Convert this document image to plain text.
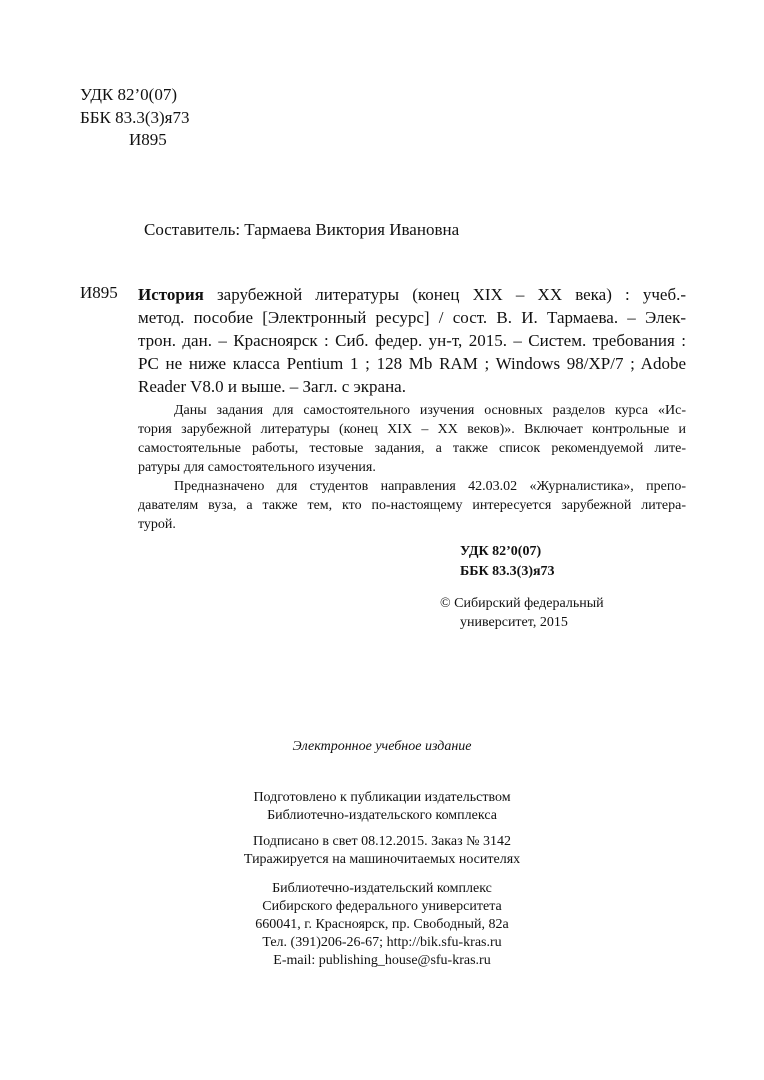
УДК 82’0(07)
ББК 83.3(3)я73
И895
Составитель: Тармаева Виктория Ивановна
И895 История зарубежной литературы (конец XIX – XX века) : учеб.-
метод. пособие [Электронный ресурс] / сост. В. И. Тармаева. – Элек-
трон. дан. – Красноярск : Сиб. федер. ун-т, 2015. – Систем. требования :
PC не ниже класса Pentium 1 ; 128 Mb RAM ; Windows 98/XP/7 ; Adobe
Reader V8.0 и выше. – Загл. с экрана.
Даны задания для самостоятельного изучения основных разделов курса «Ис-
тория зарубежной литературы (конец XIX – XX веков)». Включает контрольные и
самостоятельные работы, тестовые задания, а также список рекомендуемой лите-
ратуры для самостоятельного изучения.
Предназначено для студентов направления 42.03.02 «Журналистика», препо-
давателям вуза, а также тем, кто по-настоящему интересуется зарубежной литера-
турой.
УДК 82’0(07)
ББК 83.3(3)я73
© Сибирский федеральный
университет, 2015
Электронное учебное издание
Подготовлено к публикации издательством
Библиотечно-издательского комплекса
Подписано в свет 08.12.2015. Заказ № 3142
Тиражируется на машиночитаемых носителях
Библиотечно-издательский комплекс
Сибирского федерального университета
660041, г. Красноярск, пр. Свободный, 82а
Тел. (391)206-26-67; http://bik.sfu-kras.ru
E-mail: publishing_house@sfu-kras.ru
